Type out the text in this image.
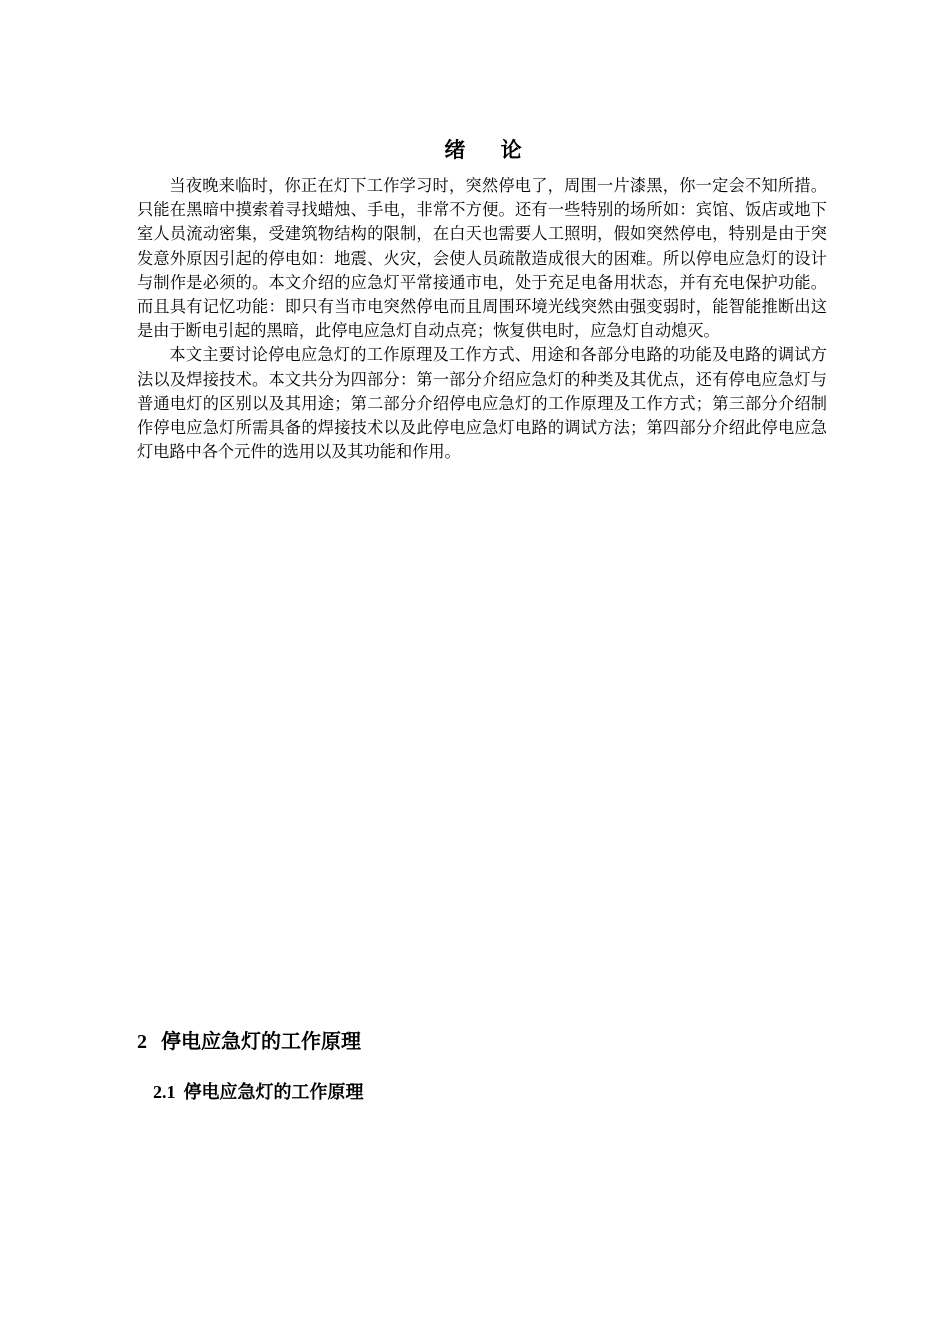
绪 论

当夜晚来临时，你正在灯下工作学习时，突然停电了，周围一片漆黑，你一定会不知所措。只能在黑暗中摸索着寻找蜡烛、手电，非常不方便。还有一些特别的场所如：宾馆、饭店或地下室人员流动密集，受建筑物结构的限制，在白天也需要人工照明，假如突然停电，特别是由于突发意外原因引起的停电如：地震、火灾，会使人员疏散造成很大的困难。所以停电应急灯的设计与制作是必须的。本文介绍的应急灯平常接通市电，处于充足电备用状态，并有充电保护功能。而且具有记忆功能：即只有当市电突然停电而且周围环境光线突然由强变弱时，能智能推断出这是由于断电引起的黑暗，此停电应急灯自动点亮；恢复供电时，应急灯自动熄灭。

本文主要讨论停电应急灯的工作原理及工作方式、用途和各部分电路的功能及电路的调试方法以及焊接技术。本文共分为四部分：第一部分介绍应急灯的种类及其优点，还有停电应急灯与普通电灯的区别以及其用途；第二部分介绍停电应急灯的工作原理及工作方式；第三部分介绍制作停电应急灯所需具备的焊接技术以及此停电应急灯电路的调试方法；第四部分介绍此停电应急灯电路中各个元件的选用以及其功能和作用。

2 停电应急灯的工作原理
2.1 停电应急灯的工作原理
